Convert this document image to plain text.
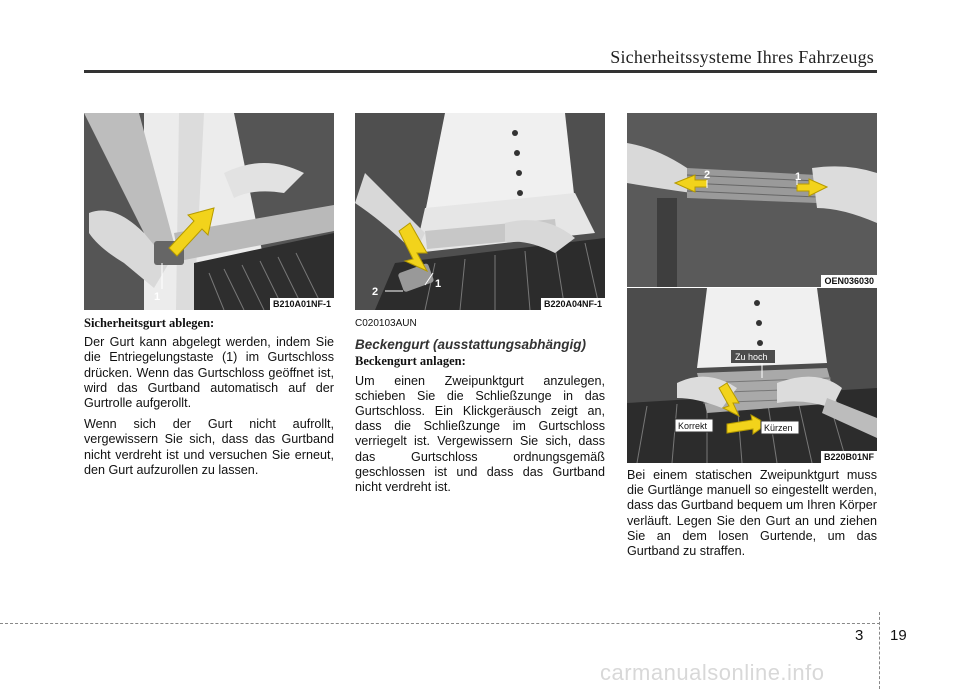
Sicherheitssysteme Ihres Fahrzeugs
1
B210A01NF-1
2
1
B220A04NF-1
2	1
OEN036030
Zu hoch
Korrekt	Kürzen
B220B01NF

Sicherheitsgurt ablegen:

Der Gurt kann abgelegt werden, indem Sie die Entriegelungstaste (1) im Gurtschloss drücken. Wenn das Gurtschloss geöffnet ist, wird das Gurtband automatisch auf der Gurtrolle aufgerollt.

Wenn sich der Gurt nicht aufrollt, vergewissern Sie sich, dass das Gurtband nicht verdreht ist und versuchen Sie erneut, den Gurt aufzurollen zu lassen.

C020103AUN

Beckengurt (ausstattungsabhängig)

Beckengurt anlagen:

Um einen Zweipunktgurt anzulegen, schieben Sie die Schließzunge in das Gurtschloss. Ein Klickgeräusch zeigt an, dass die Schließzunge im Gurtschloss verriegelt ist. Vergewissern Sie sich, dass das Gurtschloss ordnungsgemäß geschlossen ist und dass das Gurtband nicht verdreht ist.

Bei einem statischen Zweipunktgurt muss die Gurtlänge manuell so eingestellt werden, dass das Gurtband bequem um Ihren Körper verläuft. Legen Sie den Gurt an und ziehen Sie an dem losen Gurtende, um das Gurtband zu straffen.

3 19
carmanualsonline.info
